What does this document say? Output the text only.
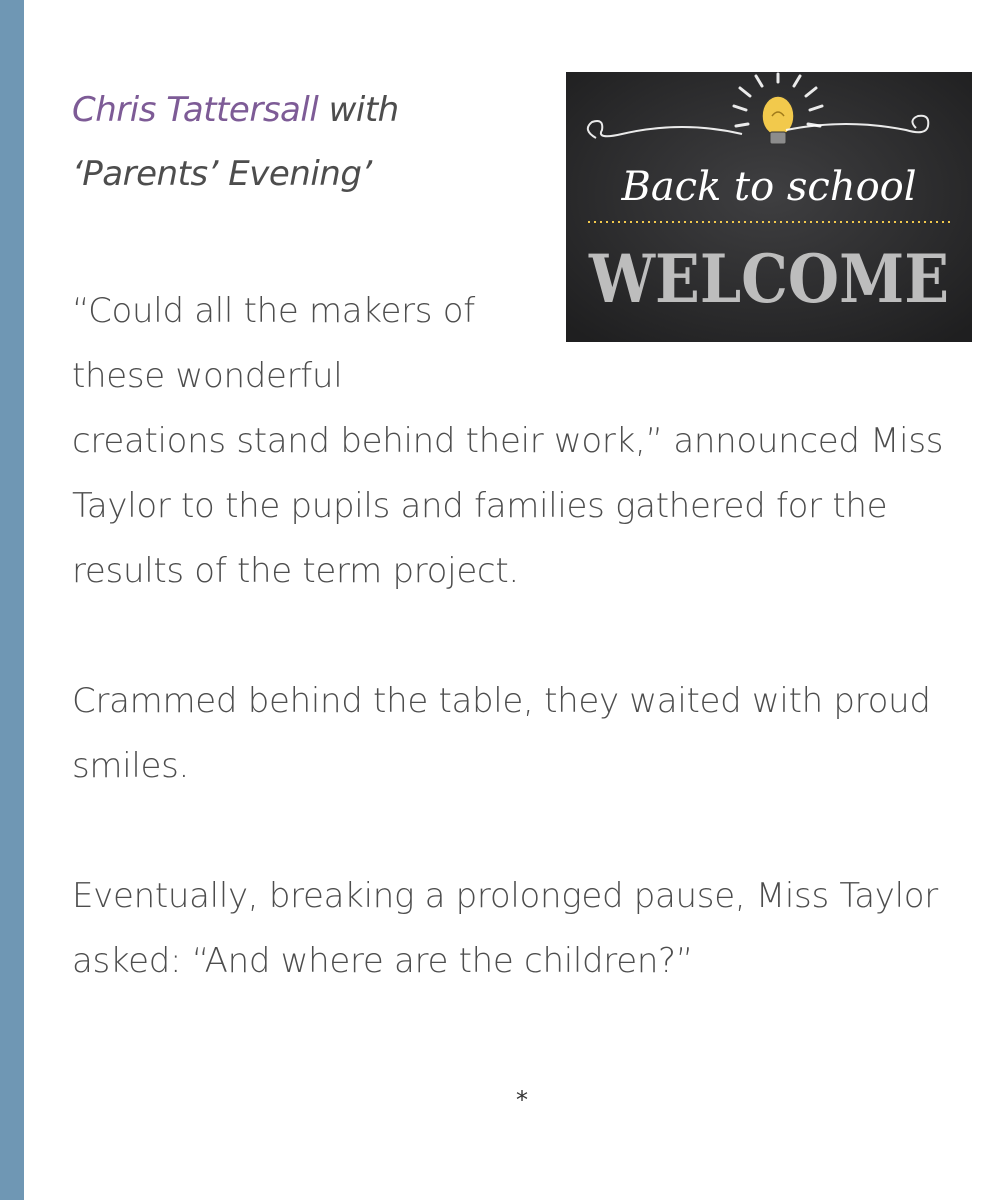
Chris Tattersall with
‘Parents’ Evening’	Back to school
WELCOME

“Could all the makers of
these wonderful
creations stand behind their work,” announced Miss Taylor to the pupils and families gathered for the results of the term project.

Crammed behind the table, they waited with proud smiles.

Eventually, breaking a prolonged pause, Miss Taylor asked: “And where are the children?”

*
